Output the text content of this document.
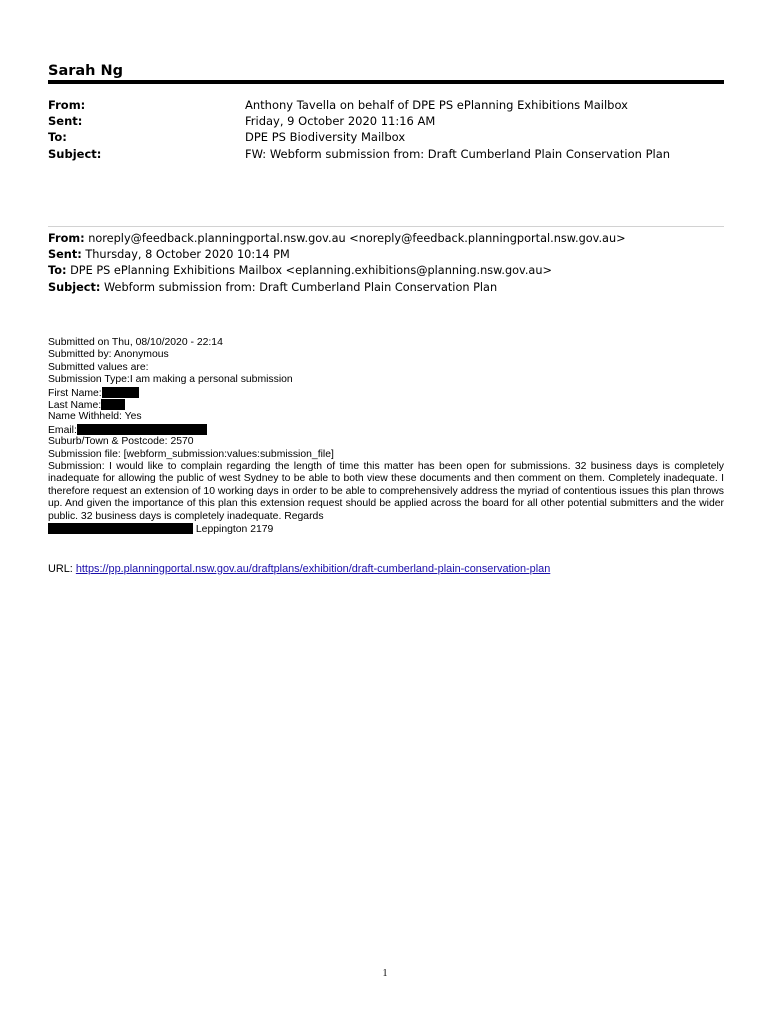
Sarah Ng
From:	Anthony Tavella on behalf of DPE PS ePlanning Exhibitions Mailbox
Sent:	Friday, 9 October 2020 11:16 AM
To:	DPE PS Biodiversity Mailbox
Subject:	FW: Webform submission from: Draft Cumberland Plain Conservation Plan
From: noreply@feedback.planningportal.nsw.gov.au <noreply@feedback.planningportal.nsw.gov.au>
Sent: Thursday, 8 October 2020 10:14 PM
To: DPE PS ePlanning Exhibitions Mailbox <eplanning.exhibitions@planning.nsw.gov.au>
Subject: Webform submission from: Draft Cumberland Plain Conservation Plan
Submitted on Thu, 08/10/2020 - 22:14
Submitted by: Anonymous
Submitted values are:
Submission Type:I am making a personal submission
First Name:
Last Name:
Name Withheld: Yes
Email:
Suburb/Town & Postcode: 2570
Submission file: [webform_submission:values:submission_file]
Submission: I would like to complain regarding the length of time this matter has been open for submissions. 32 business days is completely inadequate for allowing the public of west Sydney to be able to both view these documents and then comment on them. Completely inadequate. I therefore request an extension of 10 working days in order to be able to comprehensively address the myriad of contentious issues this plan throws up. And given the importance of this plan this extension request should be applied across the board for all other potential submitters and the wider public. 32 business days is completely inadequate. Regards
Leppington 2179
URL: https://pp.planningportal.nsw.gov.au/draftplans/exhibition/draft-cumberland-plain-conservation-plan
1
